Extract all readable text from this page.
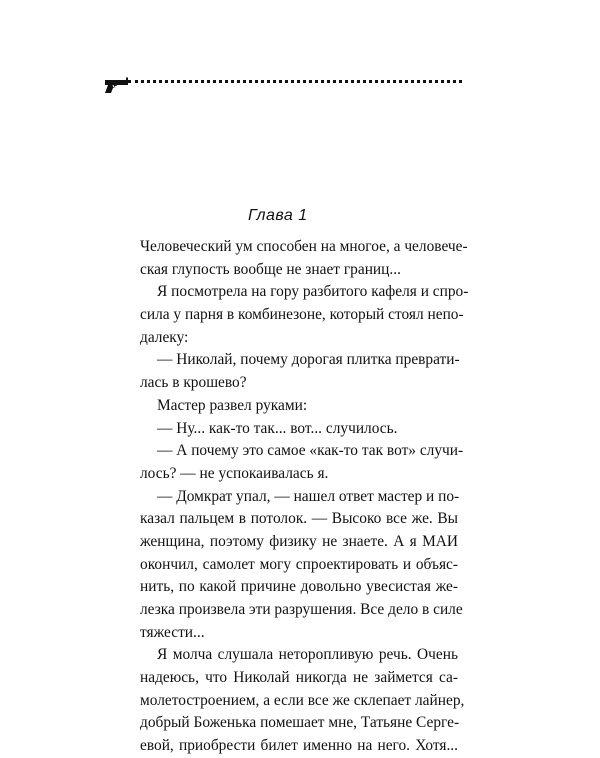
Глава 1
Человеческий ум способен на многое, а человече-
ская глупость вообще не знает границ...
Я посмотрела на гору разбитого кафеля и спро-
сила у парня в комбинезоне, который стоял непо-
далеку:
— Николай, почему дорогая плитка преврати-
лась в крошево?
Мастер развел руками:
— Ну... как-то так... вот... случилось.
— А почему это самое «как-то так вот» случи-
лось? — не успокаивалась я.
— Домкрат упал, — нашел ответ мастер и по-
казал пальцем в потолок. — Высоко все же. Вы
женщина, поэтому физику не знаете. А я МАИ
окончил, самолет могу спроектировать и объяс-
нить, по какой причине довольно увесистая же-
лезка произвела эти разрушения. Все дело в силе
тяжести...
Я молча слушала неторопливую речь. Очень
надеюсь, что Николай никогда не займется са-
молетостроением, а если все же склепает лайнер,
добрый Боженька помешает мне, Татьяне Серге-
евой, приобрести билет именно на него. Хотя...
